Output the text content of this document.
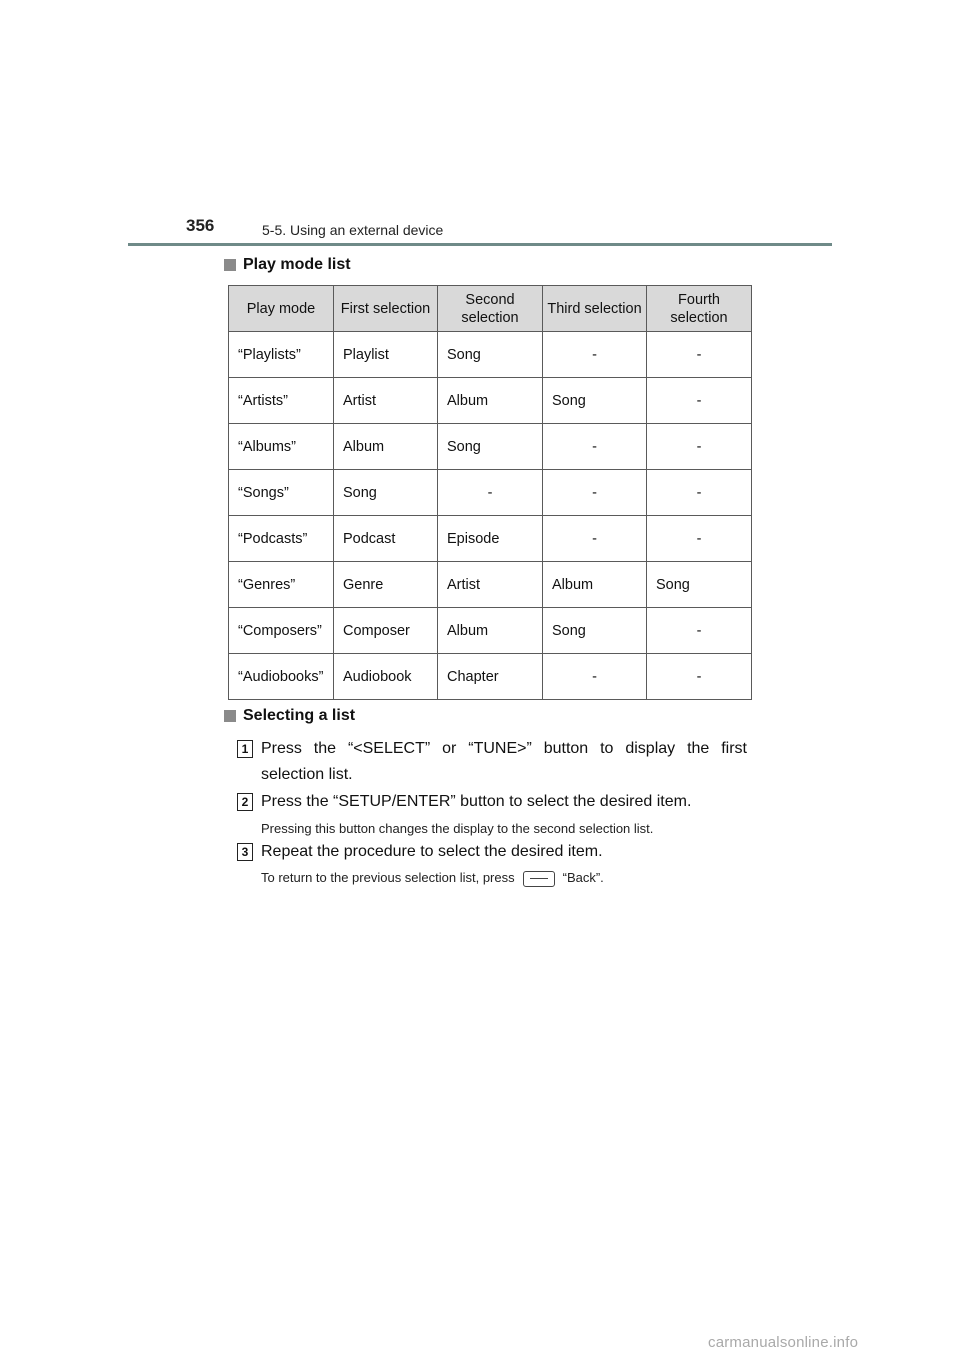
356	5-5. Using an external device
Play mode list
Play mode	First selection	Second selection	Third selection	Fourth selection
“Playlists”	Playlist	Song	-	-
“Artists”	Artist	Album	Song	-
“Albums”	Album	Song	-	-
“Songs”	Song	-	-	-
“Podcasts”	Podcast	Episode	-	-
“Genres”	Genre	Artist	Album	Song
“Composers”	Composer	Album	Song	-
“Audiobooks”	Audiobook	Chapter	-	-
Selecting a list
1 Press the “<SELECT” or “TUNE>” button to display the first selection list.
2 Press the “SETUP/ENTER” button to select the desired item.
Pressing this button changes the display to the second selection list.
3 Repeat the procedure to select the desired item.
To return to the previous selection list, press	“Back”.
carmanualsonline.info
